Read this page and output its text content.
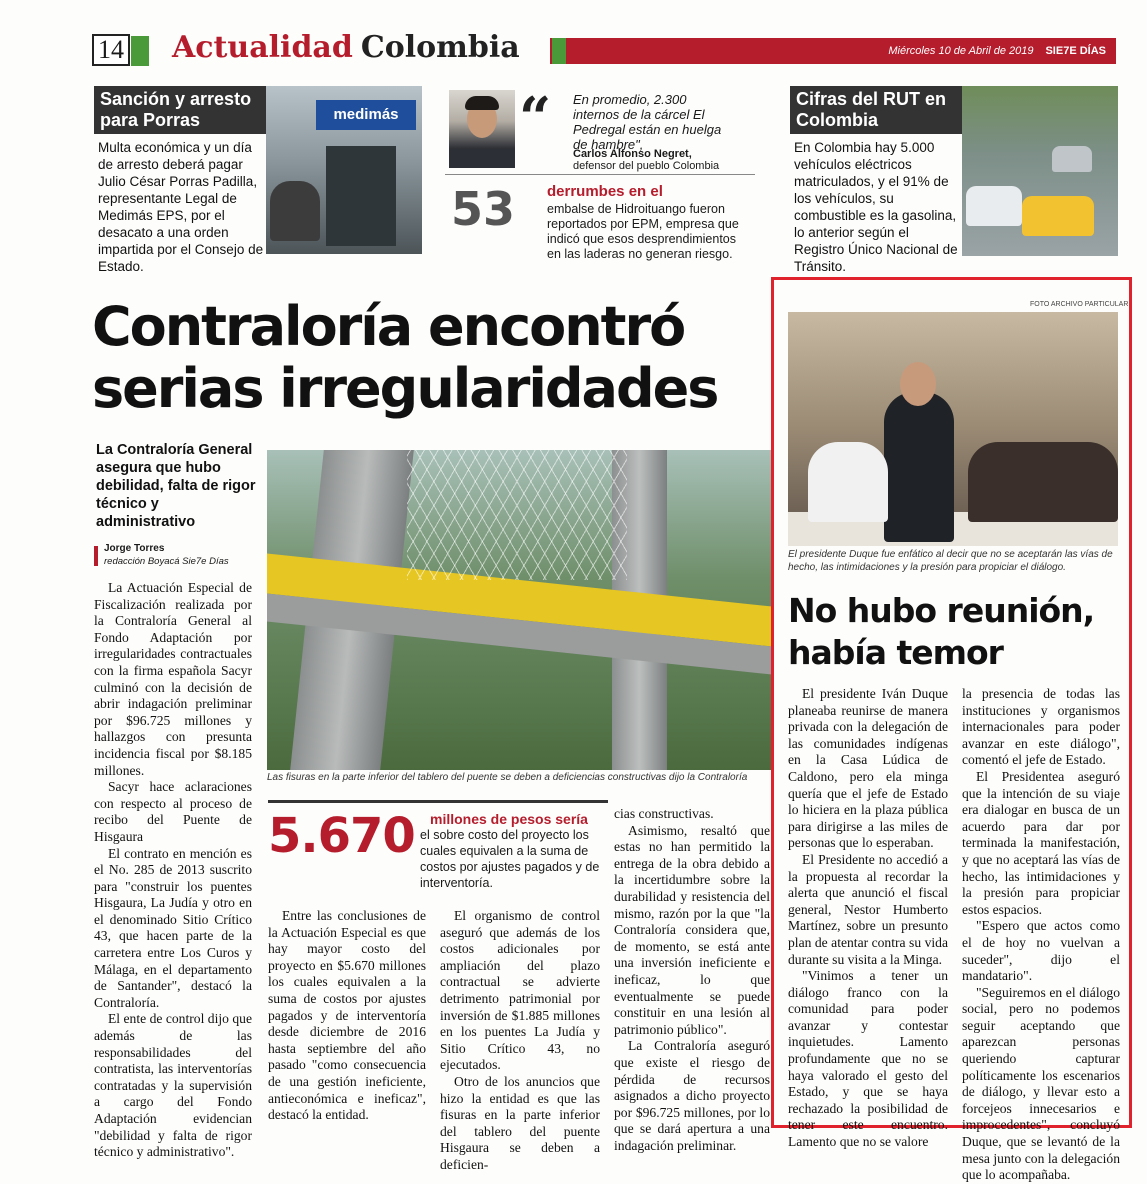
14 Actualidad Colombia	Miércoles 10 de Abril de 2019 SIE7E DÍAS
Sanción y arresto para Porras
Multa económica y un día de arresto deberá pagar Julio César Porras Padilla, representante Legal de Medimás EPS, por el desacato a una orden impartida por el Consejo de Estado.
medimás	“ En promedio, 2.300 internos de la cárcel El Pedregal están en huelga de hambre",
Carlos Alfonso Negret,
defensor del pueblo Colombia
53 derrumbes en el
embalse de Hidroituango fueron reportados por EPM, empresa que indicó que esos desprendimientos en las laderas no generan riesgo.
Cifras del RUT en Colombia
En Colombia hay 5.000 vehículos eléctricos matriculados, y el 91% de los vehículos, su combustible es la gasolina, lo anterior según el Registro Único Nacional de Tránsito.
Contraloría encontró
serias irregularidades
La Contraloría General asegura que hubo debilidad, falta de rigor técnico y administrativo
Jorge Torres
redacción Boyacá Sie7e Días

La Actuación Especial de Fiscalización realizada por la Contraloría General al Fondo Adaptación por irregularidades contractuales con la firma española Sacyr culminó con la decisión de abrir indagación preliminar por $96.725 millones y hallazgos con presunta incidencia fiscal por $8.185 millones.

Sacyr hace aclaraciones con respecto al proceso de recibo del Puente de Hisgaura

El contrato en mención es el No. 285 de 2013 suscrito para "construir los puentes Hisgaura, La Judía y otro en el denominado Sitio Crítico 43, que hacen parte de la carretera entre Los Curos y Málaga, en el departamento de Santander", destacó la Contraloría.

El ente de control dijo que además de las responsabilidades del contratista, las interventorías contratadas y la supervisión a cargo del Fondo Adaptación evidencian "debilidad y falta de rigor técnico y administrativo".

Las fisuras en la parte inferior del tablero del puente se deben a deficiencias constructivas dijo la Contraloría
5.670 millones de pesos sería
el sobre costo del proyecto los cuales equivalen a la suma de costos por ajustes pagados y de interventoría.

Entre las conclusiones de la Actuación Especial es que hay mayor costo del proyecto en $5.670 millones los cuales equivalen a la suma de costos por ajustes pagados y de interventoría desde diciembre de 2016 hasta septiembre del año pasado "como consecuencia de una gestión ineficiente, antieconómica e ineficaz", destacó la entidad.

El organismo de control aseguró que además de los costos adicionales por ampliación del plazo contractual se advierte detrimento patrimonial por inversión de $1.885 millones en los puentes La Judía y Sitio Crítico 43, no ejecutados.

Otro de los anuncios que hizo la entidad es que las fisuras en la parte inferior del tablero del puente Hisgaura se deben a deficien-

cias constructivas.

Asimismo, resaltó que estas no han permitido la entrega de la obra debido a la incertidumbre sobre la durabilidad y resistencia del mismo, razón por la que "la Contraloría considera que, de momento, se está ante una inversión ineficiente e ineficaz, lo que eventualmente se puede constituir en una lesión al patrimonio público".

La Contraloría aseguró que existe el riesgo de pérdida de recursos asignados a dicho proyecto por $96.725 millones, por lo que se dará apertura a una indagación preliminar.

FOTO ARCHIVO PARTICULAR
El presidente Duque fue enfático al decir que no se aceptarán las vías de hecho, las intimidaciones y la presión para propiciar el diálogo.
No hubo reunión,
había temor

El presidente Iván Duque planeaba reunirse de manera privada con la delegación de las comunidades indígenas en la Casa Lúdica de Caldono, pero ela minga quería que el jefe de Estado lo hiciera en la plaza pública para dirigirse a las miles de personas que lo esperaban.

El Presidente no accedió a la propuesta al recordar la alerta que anunció el fiscal general, Nestor Humberto Martínez, sobre un presunto plan de atentar contra su vida durante su visita a la Minga.

"Vinimos a tener un diálogo franco con la comunidad para poder avanzar y contestar inquietudes. Lamento profundamente que no se haya valorado el gesto del Estado, y que se haya rechazado la posibilidad de tener este encuentro. Lamento que no se valore

la presencia de todas las instituciones y organismos internacionales para poder avanzar en este diálogo", comentó el jefe de Estado.

El Presidentea aseguró que la intención de su viaje era dialogar en busca de un acuerdo para dar por terminada la manifestación, y que no aceptará las vías de hecho, las intimidaciones y la presión para propiciar estos espacios.

"Espero que actos como el de hoy no vuelvan a suceder", dijo el mandatario".

"Seguiremos en el diálogo social, pero no podemos seguir aceptando que aparezcan personas queriendo capturar políticamente los escenarios de diálogo, y llevar esto a forcejeos innecesarios e improcedentes", concluyó Duque, que se levantó de la mesa junto con la delegación que lo acompañaba.
